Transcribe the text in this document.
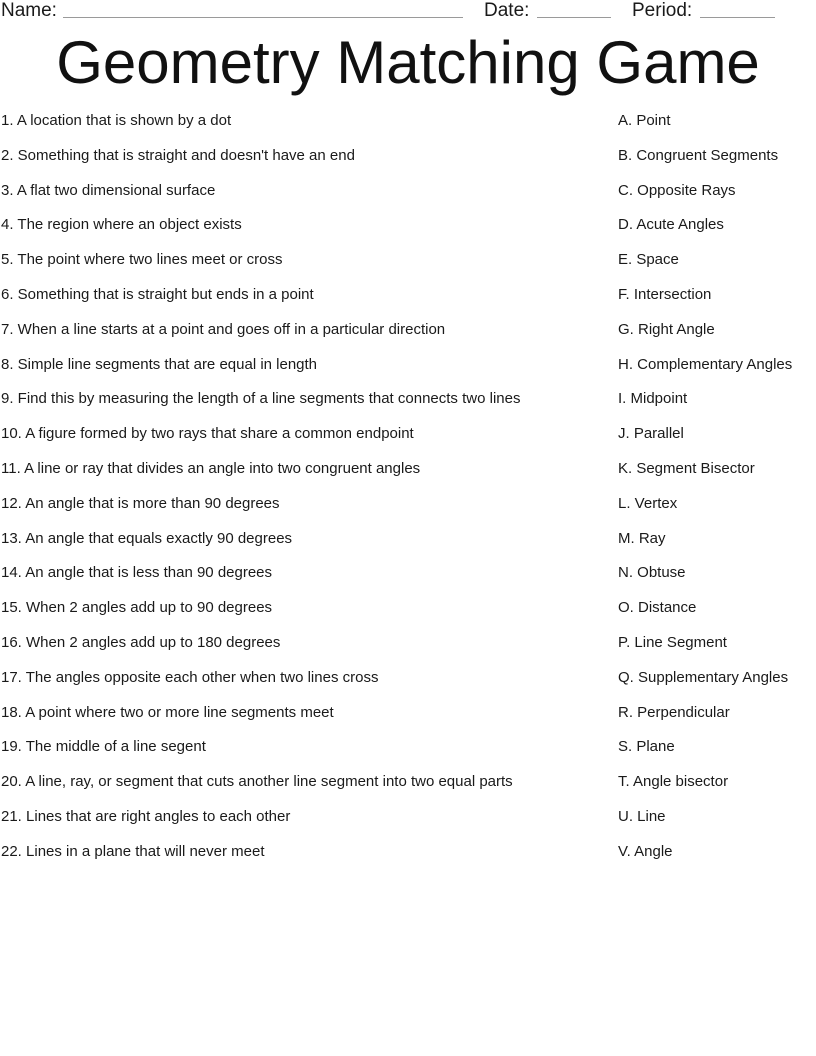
Name:	Date:	Period:
Geometry Matching Game
1. A location that is shown by a dot
2. Something that is straight and doesn't have an end
3. A flat two dimensional surface
4. The region where an object exists
5. The point where two lines meet or cross
6. Something that is straight but ends in a point
7. When a line starts at a point and goes off in a particular direction
8. Simple line segments that are equal in length
9. Find this by measuring the length of a line segments that connects two lines
10. A figure formed by two rays that share a common endpoint
11. A line or ray that divides an angle into two congruent angles
12. An angle that is more than 90 degrees
13. An angle that equals exactly 90 degrees
14. An angle that is less than 90 degrees
15. When 2 angles add up to 90 degrees
16. When 2 angles add up to 180 degrees
17. The angles opposite each other when two lines cross
18. A point where two or more line segments meet
19. The middle of a line segent
20. A line, ray, or segment that cuts another line segment into two equal parts
21. Lines that are right angles to each other
22. Lines in a plane that will never meet
A. Point
B. Congruent Segments
C. Opposite Rays
D. Acute Angles
E. Space
F. Intersection
G. Right Angle
H. Complementary Angles
I. Midpoint
J. Parallel
K. Segment Bisector
L. Vertex
M. Ray
N. Obtuse
O. Distance
P. Line Segment
Q. Supplementary Angles
R. Perpendicular
S. Plane
T. Angle bisector
U. Line
V. Angle
